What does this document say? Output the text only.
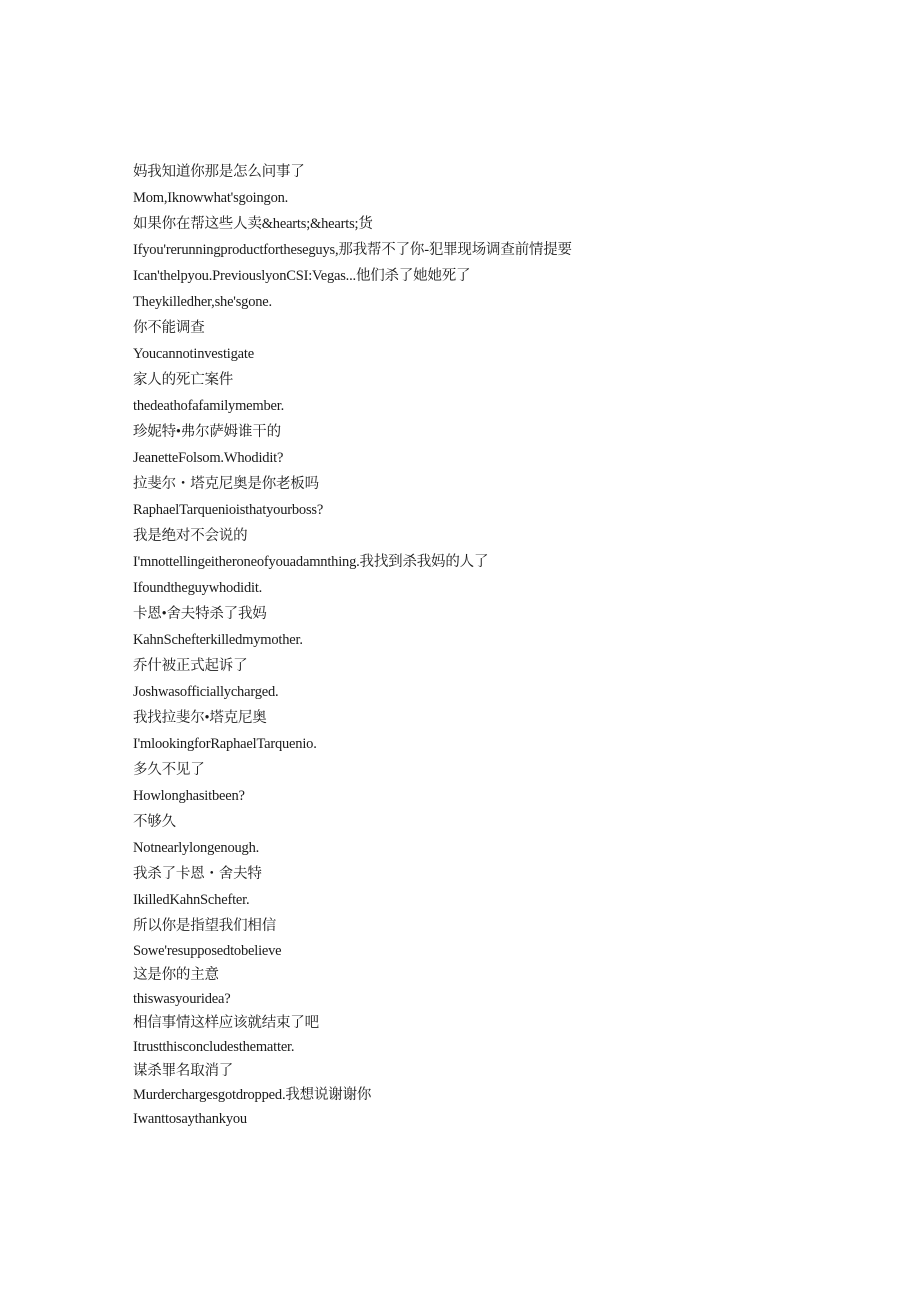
妈我知道你那是怎么问事了
Mom,Iknowwhat'sgoingon.
如果你在帮这些人卖&hearts;&hearts;货
Ifyou'rerunningproductfortheseguys,那我帮不了你-犯罪现场调查前情提要
Ican'thelpyou.PreviouslyonCSI:Vegas...他们杀了她她死了
Theykilledher,she'sgone.
你不能调查
Youcannotinvestigate
家人的死亡案件
thedeathofafamilymember.
珍妮特•弗尔萨姆谁干的
JeanetteFolsom.Whodidit?
拉斐尔・塔克尼奥是你老板吗
RaphaelTarquenioisthatyourboss?
我是绝对不会说的
I'mnottellingeitheroneofyouadamnthing.我找到杀我妈的人了
Ifoundtheguywhodidit.
卡恩•舍夫特杀了我妈
KahnSchefterkilledmymother.
乔什被正式起诉了
Joshwasofficiallycharged.
我找拉斐尔•塔克尼奥
I'mlookingforRaphaelTarquenio.
多久不见了
Howlonghasitbeen?
不够久
Notnearlylongenough.
我杀了卡恩・舍夫特
IkilledKahnSchefter.
所以你是指望我们相信
Sowe'resupposedtobelieve
这是你的主意
thiswasyouridea?
相信事情这样应该就结束了吧
Itrustthisconcludesthematter.
谋杀罪名取消了
Murderchargesgotdropped.我想说谢谢你
Iwanttosaythankyou
